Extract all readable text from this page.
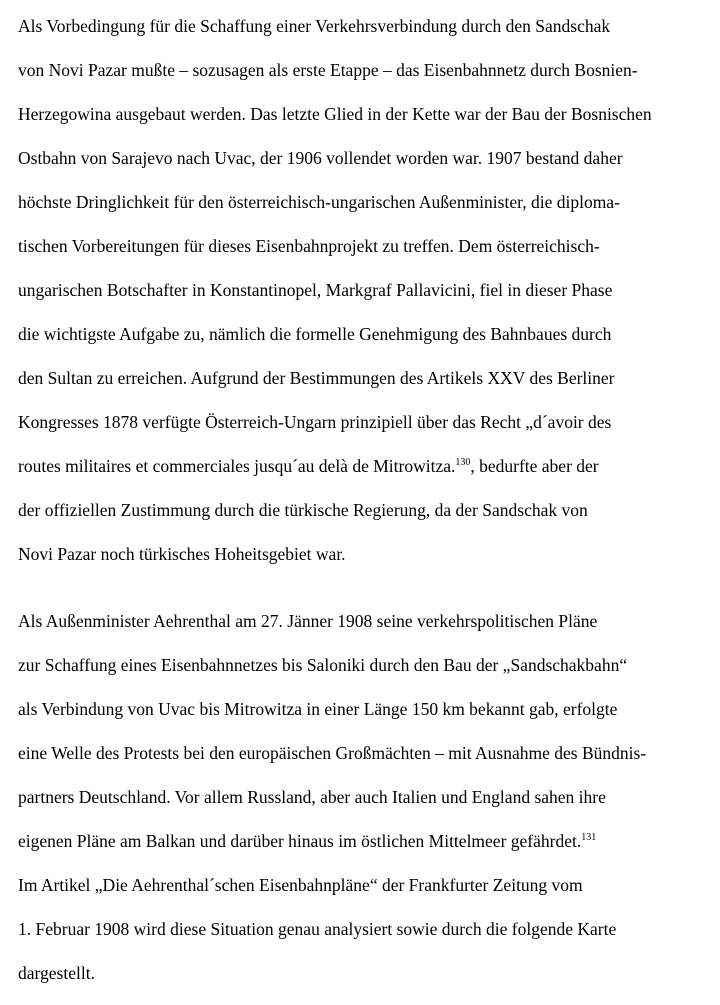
Als Vorbedingung für die Schaffung einer Verkehrsverbindung durch den Sandschak
von Novi Pazar mußte – sozusagen als erste Etappe – das Eisenbahnnetz durch Bosnien-
Herzegowina ausgebaut werden. Das letzte Glied in der Kette war der Bau der Bosnischen
Ostbahn von Sarajevo nach Uvac, der 1906 vollendet worden war. 1907 bestand daher
höchste Dringlichkeit für den österreichisch-ungarischen Außenminister, die diploma-
tischen Vorbereitungen für dieses Eisenbahnprojekt zu treffen. Dem österreichisch-
ungarischen Botschafter in Konstantinopel, Markgraf Pallavicini, fiel in dieser Phase
die wichtigste Aufgabe zu, nämlich die formelle Genehmigung des Bahnbaues durch
den Sultan zu erreichen. Aufgrund der Bestimmungen des Artikels XXV des Berliner
Kongresses 1878 verfügte Österreich-Ungarn prinzipiell über das Recht „d´avoir des
routes militaires et commerciales jusqu´au delà de Mitrowitza.$^{130}$, bedurfte aber der
der offiziellen Zustimmung durch die türkische Regierung, da der Sandschak von
Novi Pazar noch türkisches Hoheitsgebiet war.
Als Außenminister Aehrenthal am 27. Jänner 1908 seine verkehrspolitischen Pläne
zur Schaffung eines Eisenbahnnetzes bis Saloniki durch den Bau der „Sandschakbahn“
als Verbindung von Uvac bis Mitrowitza in einer Länge 150 km bekannt gab, erfolgte
eine Welle des Protests bei den europäischen Großmächten – mit Ausnahme des Bündnis-
partners Deutschland. Vor allem Russland, aber auch Italien und England sahen ihre
eigenen Pläne am Balkan und darüber hinaus im östlichen Mittelmeer gefährdet.$^{131}$
Im Artikel „Die Aehrenthal´schen Eisenbahnpläne“ der Frankfurter Zeitung vom
1. Februar 1908 wird diese Situation genau analysiert sowie durch die folgende Karte
dargestellt.
